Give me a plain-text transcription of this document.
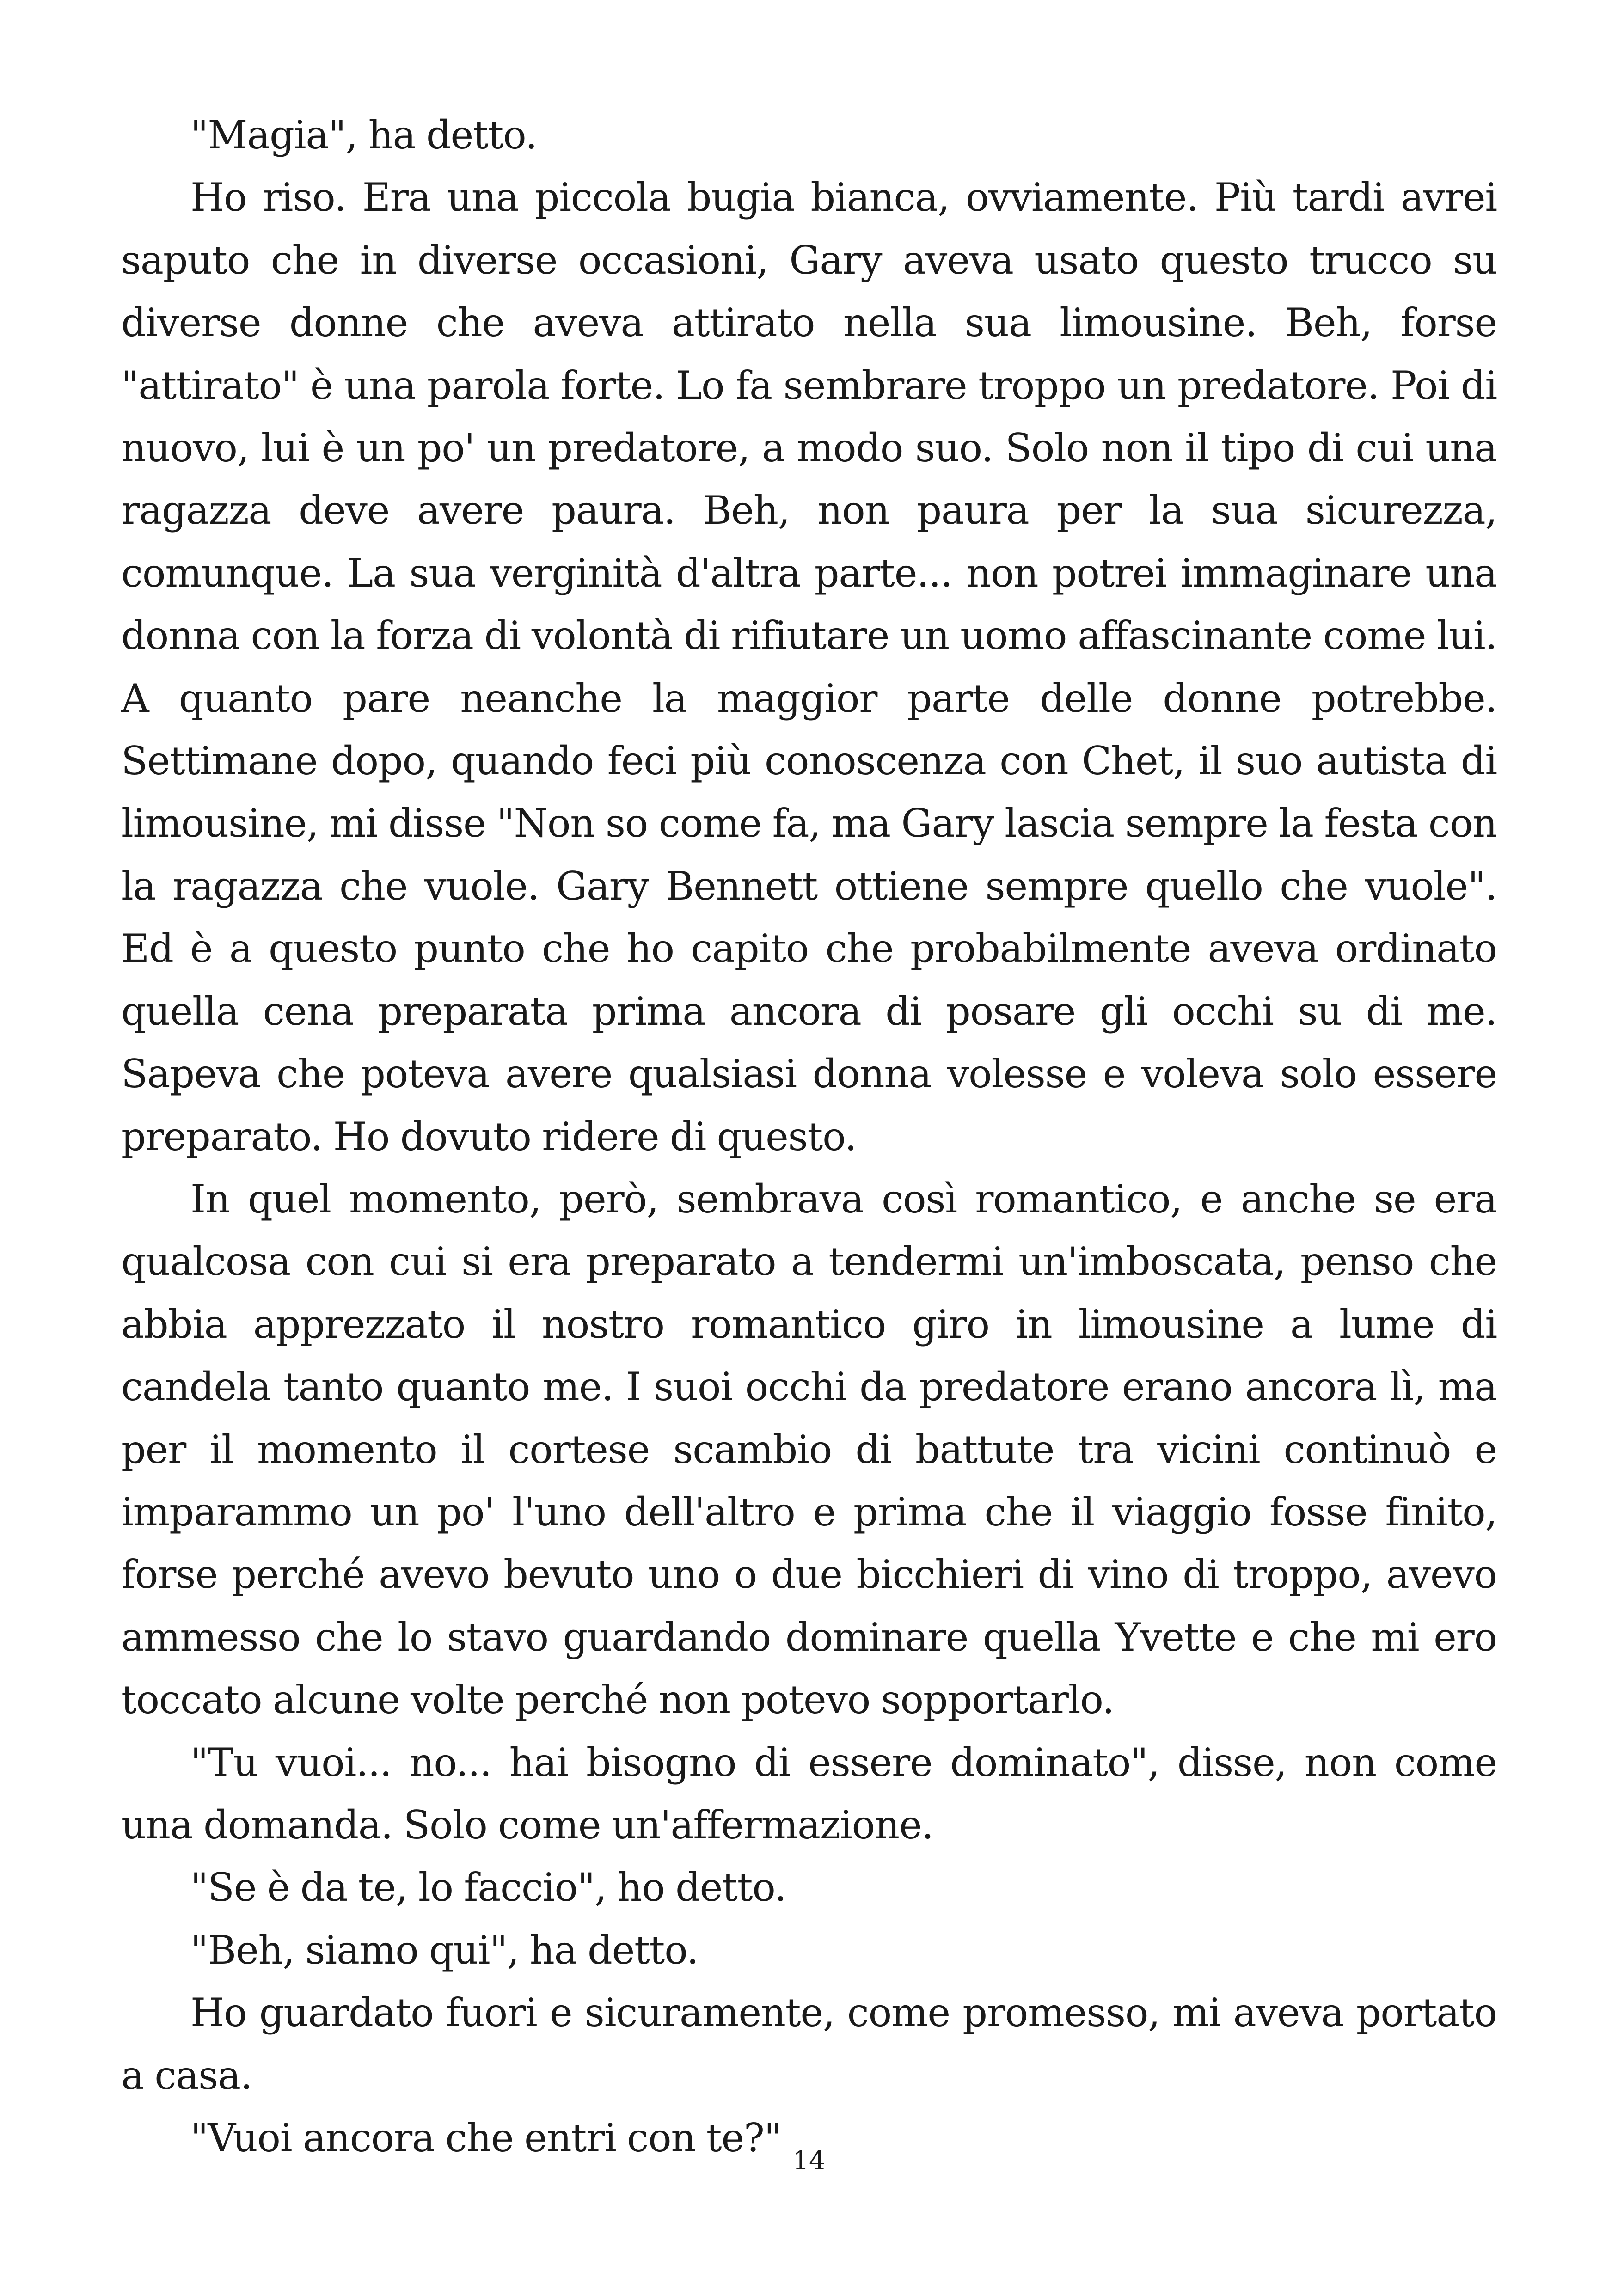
"Magia", ha detto.

Ho riso. Era una piccola bugia bianca, ovviamente. Più tardi avrei saputo che in diverse occasioni, Gary aveva usato questo trucco su diverse donne che aveva attirato nella sua limousine. Beh, forse "attirato" è una parola forte. Lo fa sembrare troppo un predatore. Poi di nuovo, lui è un po' un predatore, a modo suo. Solo non il tipo di cui una ragazza deve avere paura. Beh, non paura per la sua sicurezza, comunque. La sua verginità d'altra parte... non potrei immaginare una donna con la forza di volontà di rifiutare un uomo affascinante come lui. A quanto pare neanche la maggior parte delle donne potrebbe. Settimane dopo, quando feci più conoscenza con Chet, il suo autista di limousine, mi disse "Non so come fa, ma Gary lascia sempre la festa con la ragazza che vuole. Gary Bennett ottiene sempre quello che vuole". Ed è a questo punto che ho capito che probabilmente aveva ordinato quella cena preparata prima ancora di posare gli occhi su di me. Sapeva che poteva avere qualsiasi donna volesse e voleva solo essere preparato. Ho dovuto ridere di questo.

In quel momento, però, sembrava così romantico, e anche se era qualcosa con cui si era preparato a tendermi un'imboscata, penso che abbia apprezzato il nostro romantico giro in limousine a lume di candela tanto quanto me. I suoi occhi da predatore erano ancora lì, ma per il momento il cortese scambio di battute tra vicini continuò e imparammo un po' l'uno dell'altro e prima che il viaggio fosse finito, forse perché avevo bevuto uno o due bicchieri di vino di troppo, avevo ammesso che lo stavo guardando dominare quella Yvette e che mi ero toccato alcune volte perché non potevo sopportarlo.

"Tu vuoi... no... hai bisogno di essere dominato", disse, non come una domanda. Solo come un'affermazione.

"Se è da te, lo faccio", ho detto.

"Beh, siamo qui", ha detto.

Ho guardato fuori e sicuramente, come promesso, mi aveva portato a casa.

"Vuoi ancora che entri con te?"

14
